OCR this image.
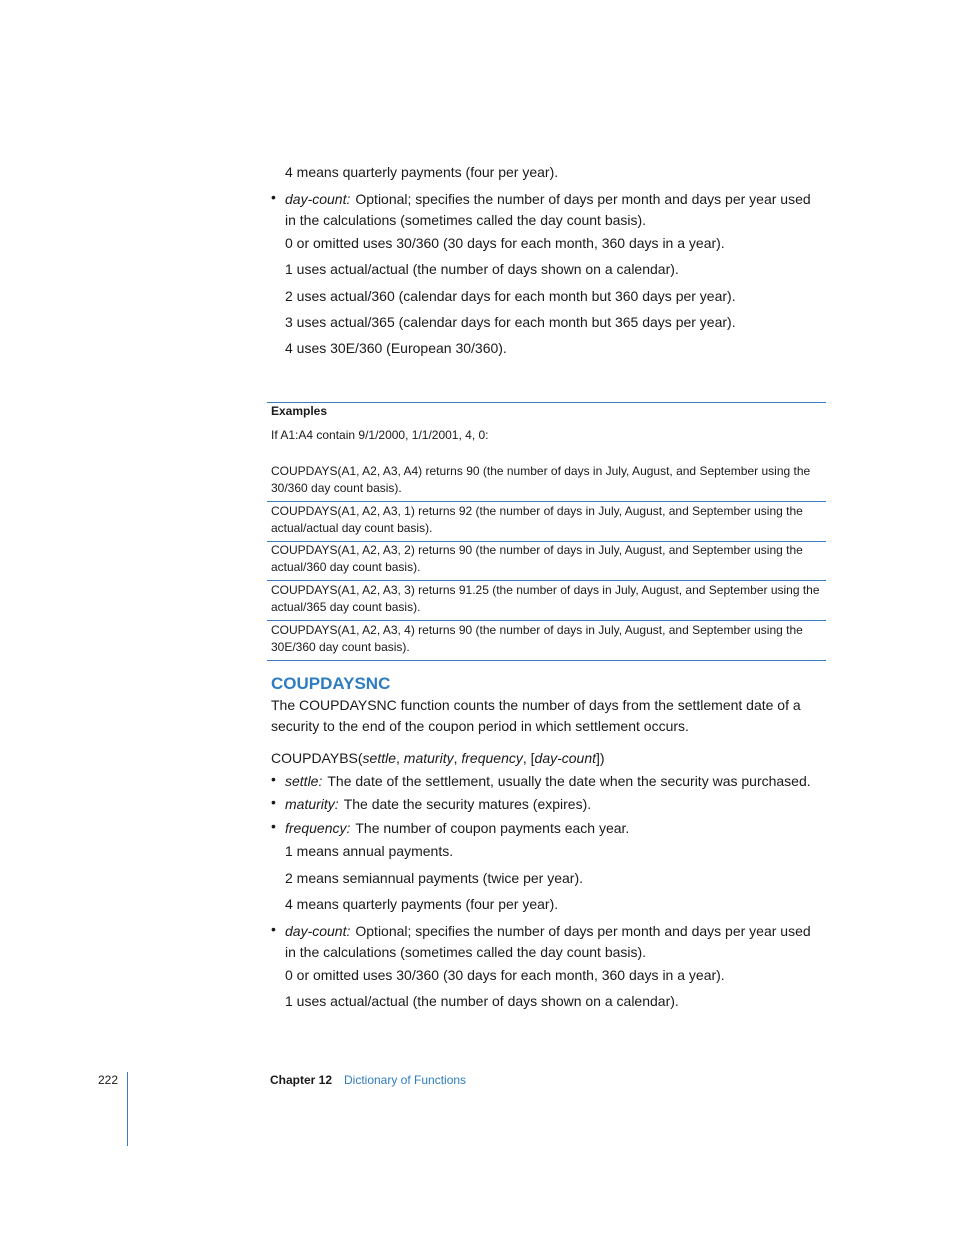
4 means quarterly payments (four per year).
• day-count: Optional; specifies the number of days per month and days per year used
in the calculations (sometimes called the day count basis).
0 or omitted uses 30/360 (30 days for each month, 360 days in a year).
1 uses actual/actual (the number of days shown on a calendar).
2 uses actual/360 (calendar days for each month but 360 days per year).
3 uses actual/365 (calendar days for each month but 365 days per year).
4 uses 30E/360 (European 30/360).
Examples
If A1:A4 contain 9/1/2000, 1/1/2001, 4, 0:
COUPDAYS(A1, A2, A3, A4) returns 90 (the number of days in July, August, and September using the 30/360 day count basis).
COUPDAYS(A1, A2, A3, 1) returns 92 (the number of days in July, August, and September using the actual/actual day count basis).
COUPDAYS(A1, A2, A3, 2) returns 90 (the number of days in July, August, and September using the actual/360 day count basis).
COUPDAYS(A1, A2, A3, 3) returns 91.25 (the number of days in July, August, and September using the actual/365 day count basis).
COUPDAYS(A1, A2, A3, 4) returns 90 (the number of days in July, August, and September using the 30E/360 day count basis).
COUPDAYSNC
The COUPDAYSNC function counts the number of days from the settlement date of a
security to the end of the coupon period in which settlement occurs.
COUPDAYBS(settle, maturity, frequency, [day-count])
• settle: The date of the settlement, usually the date when the security was purchased.
• maturity: The date the security matures (expires).
• frequency: The number of coupon payments each year.
1 means annual payments.
2 means semiannual payments (twice per year).
4 means quarterly payments (four per year).
• day-count: Optional; specifies the number of days per month and days per year used
in the calculations (sometimes called the day count basis).
0 or omitted uses 30/360 (30 days for each month, 360 days in a year).
1 uses actual/actual (the number of days shown on a calendar).
222	Chapter 12 Dictionary of Functions
